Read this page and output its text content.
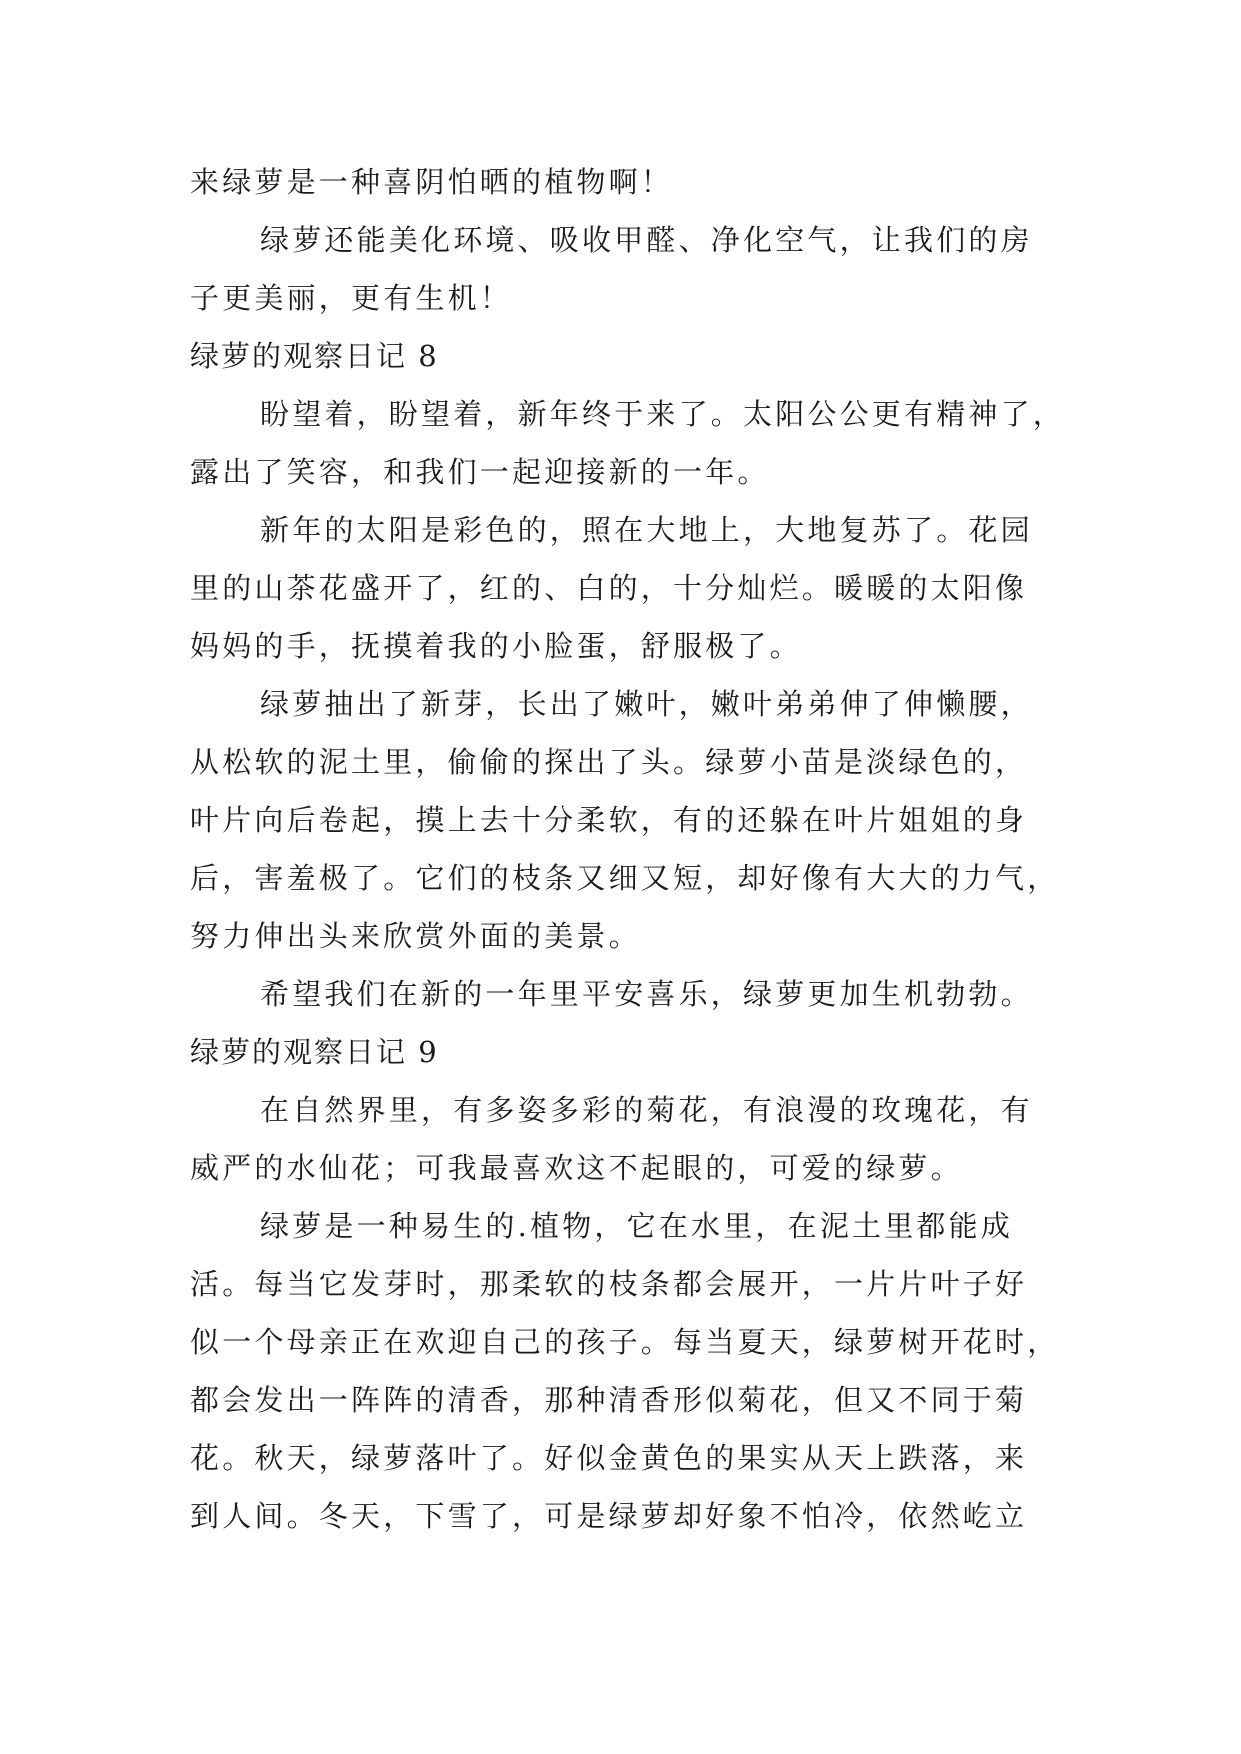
来绿萝是一种喜阴怕晒的植物啊！
绿萝还能美化环境、吸收甲醛、净化空气，让我们的房
子更美丽，更有生机！
绿萝的观察日记 8
盼望着，盼望着，新年终于来了。太阳公公更有精神了，
露出了笑容，和我们一起迎接新的一年。
新年的太阳是彩色的，照在大地上，大地复苏了。花园
里的山茶花盛开了，红的、白的，十分灿烂。暖暖的太阳像
妈妈的手，抚摸着我的小脸蛋，舒服极了。
绿萝抽出了新芽，长出了嫩叶，嫩叶弟弟伸了伸懒腰，
从松软的泥土里，偷偷的探出了头。绿萝小苗是淡绿色的，
叶片向后卷起，摸上去十分柔软，有的还躲在叶片姐姐的身
后，害羞极了。它们的枝条又细又短，却好像有大大的力气，
努力伸出头来欣赏外面的美景。
希望我们在新的一年里平安喜乐，绿萝更加生机勃勃。
绿萝的观察日记 9
在自然界里，有多姿多彩的菊花，有浪漫的玫瑰花，有
威严的水仙花；可我最喜欢这不起眼的，可爱的绿萝。
绿萝是一种易生的.植物，它在水里，在泥土里都能成
活。每当它发芽时，那柔软的枝条都会展开，一片片叶子好
似一个母亲正在欢迎自己的孩子。每当夏天，绿萝树开花时，
都会发出一阵阵的清香，那种清香形似菊花，但又不同于菊
花。秋天，绿萝落叶了。好似金黄色的果实从天上跌落，来
到人间。冬天，下雪了，可是绿萝却好象不怕冷，依然屹立
